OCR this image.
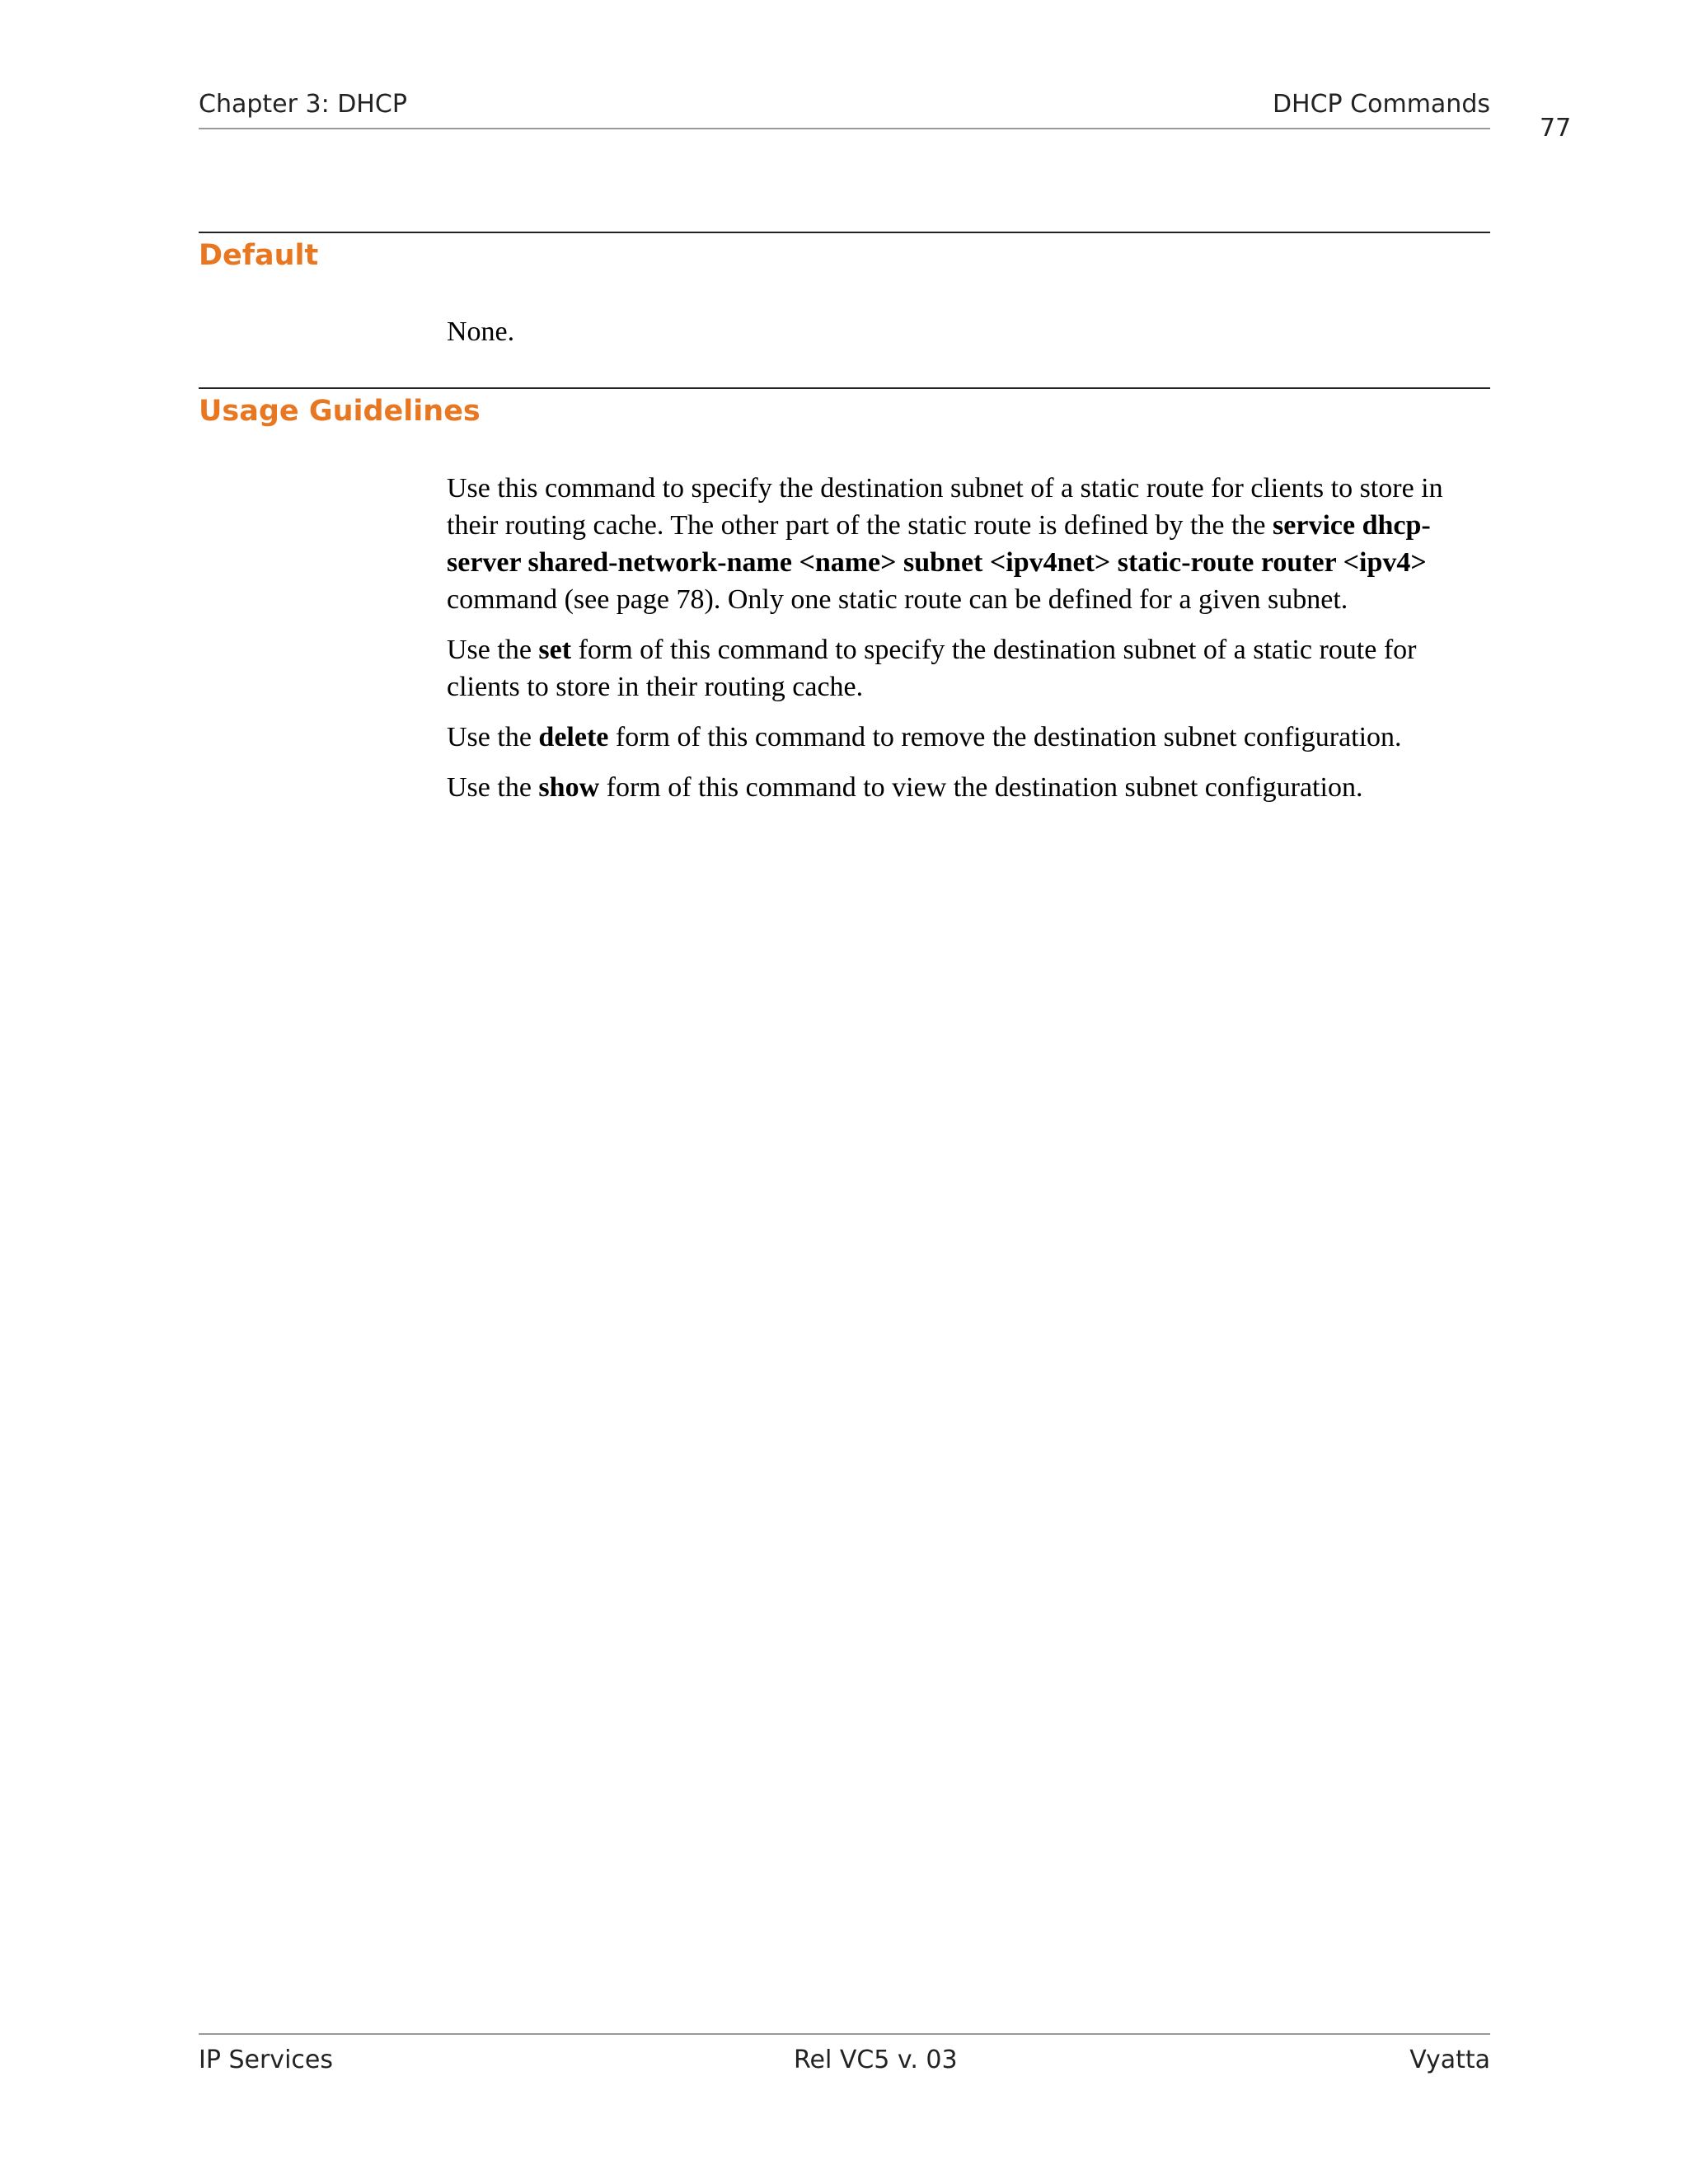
Chapter 3: DHCP	DHCP Commands
77
Default

None.

Usage Guidelines

Use this command to specify the destination subnet of a static route for clients to store in their routing cache. The other part of the static route is defined by the the service dhcp-server shared-network-name <name> subnet <ipv4net> static-route router <ipv4> command (see page 78). Only one static route can be defined for a given subnet.

Use the set form of this command to specify the destination subnet of a static route for clients to store in their routing cache.

Use the delete form of this command to remove the destination subnet configuration.

Use the show form of this command to view the destination subnet configuration.

IP Services	Rel VC5 v. 03	Vyatta
